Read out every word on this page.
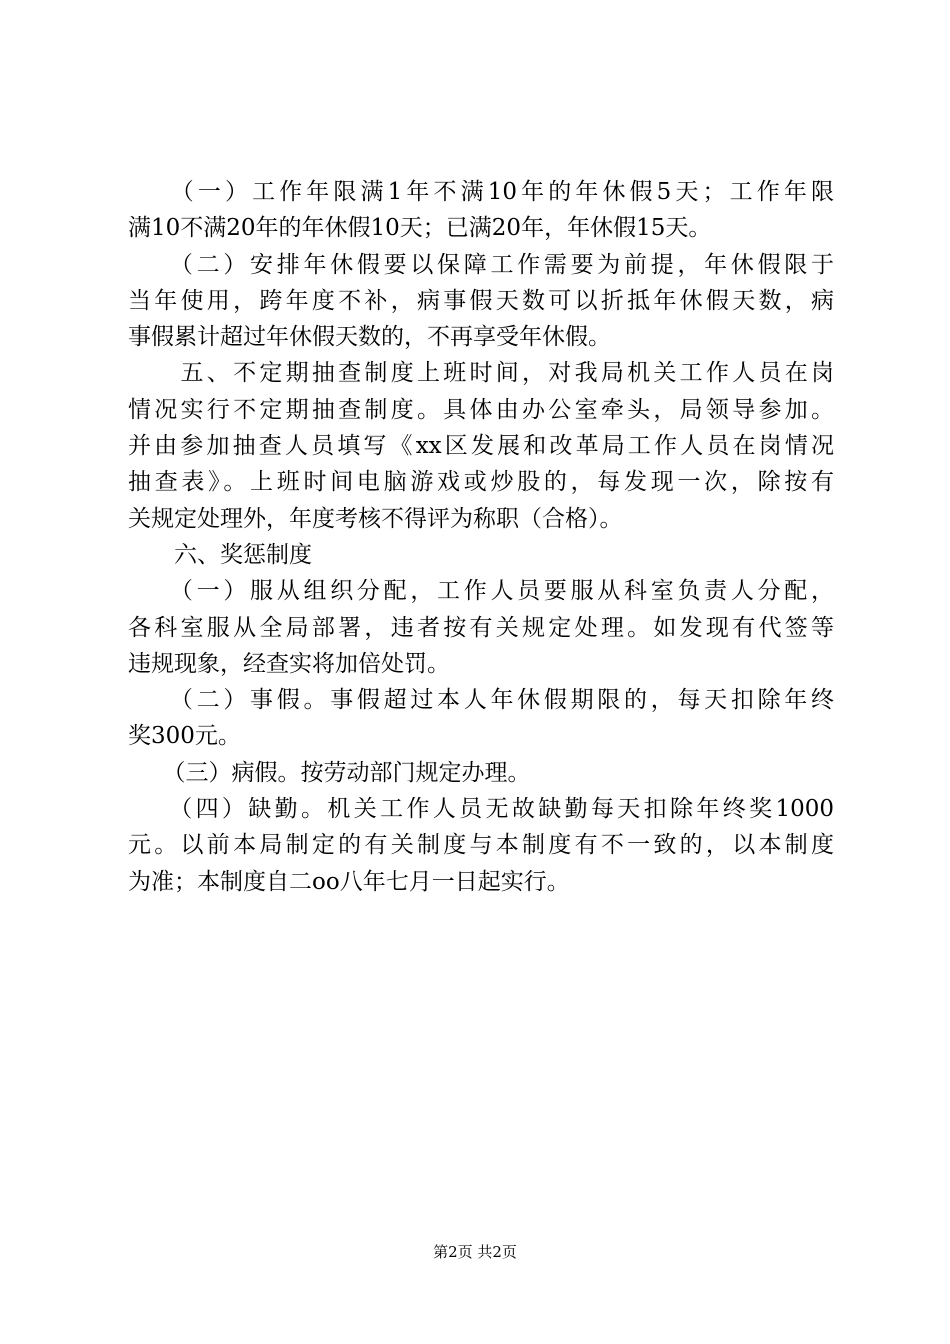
　　（一）工作年限满1年不满10年的年休假5天；工作年限
满10不满20年的年休假10天；已满20年，年休假15天。
　　（二）安排年休假要以保障工作需要为前提，年休假限于
当年使用，跨年度不补，病事假天数可以折抵年休假天数，病
事假累计超过年休假天数的，不再享受年休假。
　　五、不定期抽查制度上班时间，对我局机关工作人员在岗
情况实行不定期抽查制度。具体由办公室牵头，局领导参加。
并由参加抽查人员填写《xx区发展和改革局工作人员在岗情况
抽查表》。上班时间电脑游戏或炒股的，每发现一次，除按有
关规定处理外，年度考核不得评为称职（合格）。
　　六、奖惩制度
　　（一）服从组织分配，工作人员要服从科室负责人分配，
各科室服从全局部署，违者按有关规定处理。如发现有代签等
违规现象，经查实将加倍处罚。
　　（二）事假。事假超过本人年休假期限的，每天扣除年终
奖300元。
　　（三）病假。按劳动部门规定办理。
　　（四）缺勤。机关工作人员无故缺勤每天扣除年终奖1000
元。以前本局制定的有关制度与本制度有不一致的，以本制度
为准；本制度自二oo八年七月一日起实行。
第2页 共2页
